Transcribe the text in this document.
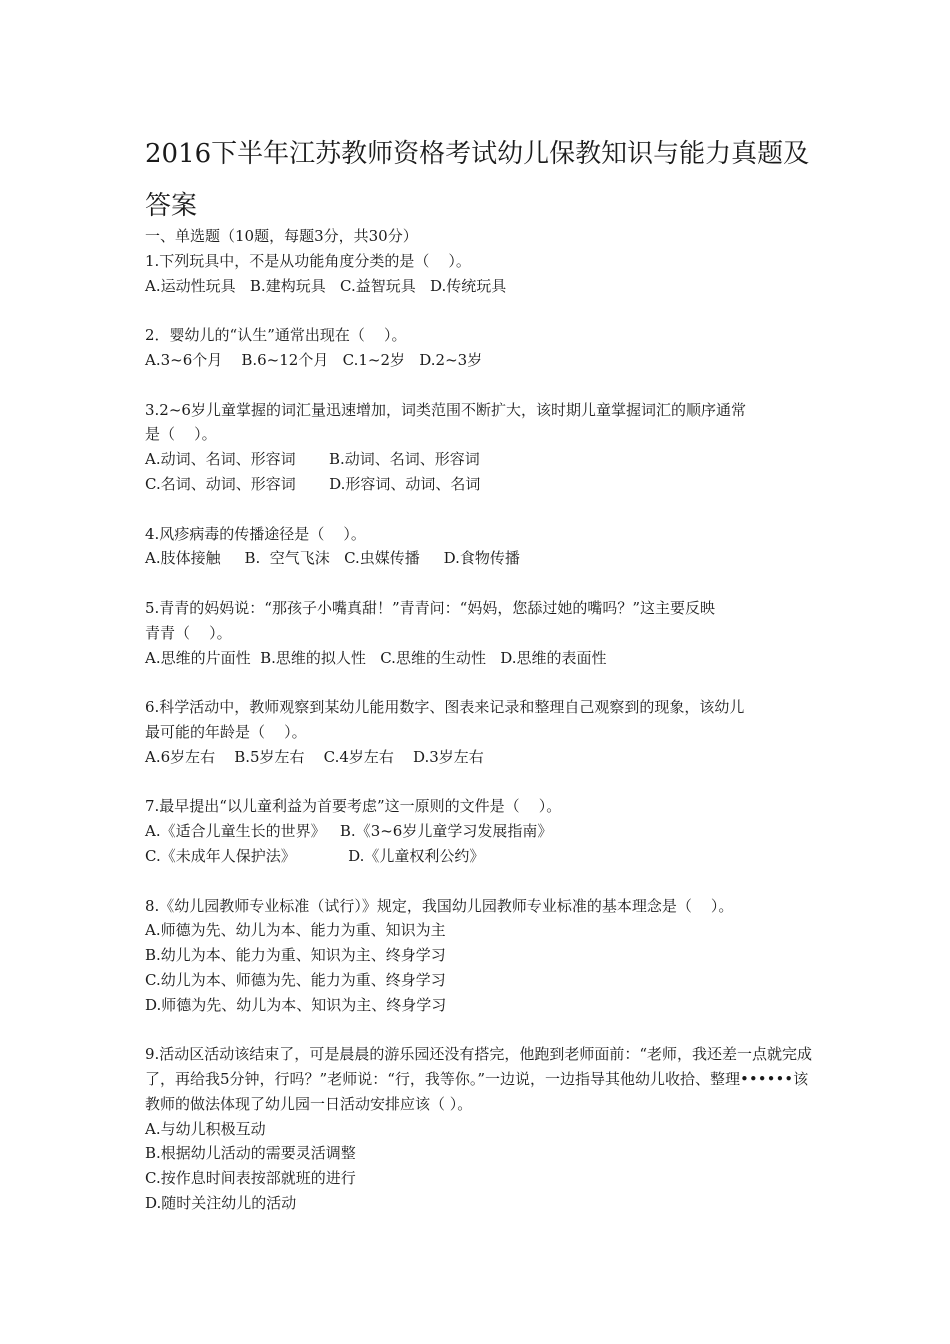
2016下半年江苏教师资格考试幼儿保教知识与能力真题及答案

一、单选题（10题，每题3分，共30分）

1.下列玩具中，不是从功能角度分类的是（    ）。

A.运动性玩具   B.建构玩具   C.益智玩具   D.传统玩具

2．婴幼儿的“认生”通常出现在（    ）。

A.3~6个月    B.6~12个月   C.1~2岁   D.2~3岁

3.2~6岁儿童掌握的词汇量迅速增加，词类范围不断扩大，该时期儿童掌握词汇的顺序通常

是（    ）。

A.动词、名词、形容词       B.动词、名词、形容词

C.名词、动词、形容词       D.形容词、动词、名词

4.风疹病毒的传播途径是（    ）。

A.肢体接触     B.  空气飞沫   C.虫媒传播     D.食物传播

5.青青的妈妈说：“那孩子小嘴真甜！”青青问：“妈妈，您舔过她的嘴吗？”这主要反映

青青（    ）。

A.思维的片面性  B.思维的拟人性   C.思维的生动性   D.思维的表面性

6.科学活动中，教师观察到某幼儿能用数字、图表来记录和整理自己观察到的现象，该幼儿

最可能的年龄是（    ）。

A.6岁左右    B.5岁左右    C.4岁左右    D.3岁左右

7.最早提出“以儿童利益为首要考虑”这一原则的文件是（    ）。

A.《适合儿童生长的世界》   B.《3~6岁儿童学习发展指南》

C.《未成年人保护法》           D.《儿童权利公约》

8.《幼儿园教师专业标准（试行）》规定，我国幼儿园教师专业标准的基本理念是（    ）。

A.师德为先、幼儿为本、能力为重、知识为主

B.幼儿为本、能力为重、知识为主、终身学习

C.幼儿为本、师德为先、能力为重、终身学习

D.师德为先、幼儿为本、知识为主、终身学习

9.活动区活动该结束了，可是晨晨的游乐园还没有搭完，他跑到老师面前：“老师，我还差一点就完成了，再给我5分钟，行吗？”老师说：“行，我等你。”一边说，一边指导其他幼儿收拾、整理••••••该教师的做法体现了幼儿园一日活动安排应该（ ）。

A.与幼儿积极互动

B.根据幼儿活动的需要灵活调整

C.按作息时间表按部就班的进行

D.随时关注幼儿的活动
